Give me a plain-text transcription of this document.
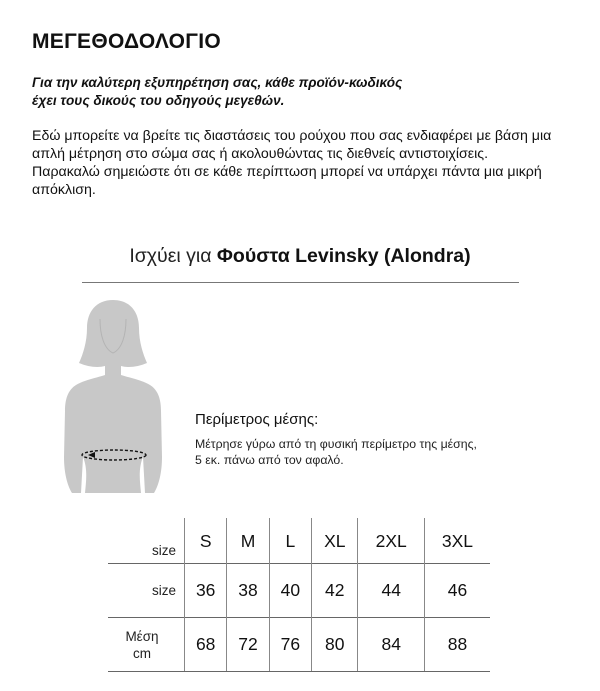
ΜΕΓΕΘΟΔΟΛΟΓΙΟ
Για την καλύτερη εξυπηρέτηση σας, κάθε προϊόν-κωδικός
έχει τους δικούς του οδηγούς μεγεθών.

Εδώ μπορείτε να βρείτε τις διαστάσεις του ρούχου που σας ενδιαφέρει με βάση μια απλή μέτρηση στο σώμα σας ή ακολουθώντας τις διεθνείς αντιστοιχίσεις.

Παρακαλώ σημειώστε ότι σε κάθε περίπτωση μπορεί να υπάρχει πάντα μια μικρή απόκλιση.

Ισχύει για Φούστα Levinsky (Alondra)
Περίμετρος μέσης:
Μέτρησε γύρω από τη φυσική περίμετρο της μέσης,
5 εκ. πάνω από τον αφαλό.
size	S	M	L	XL	2XL	3XL
size	36	38	40	42	44	46

Μέση
cm	68	72	76	80	84	88
